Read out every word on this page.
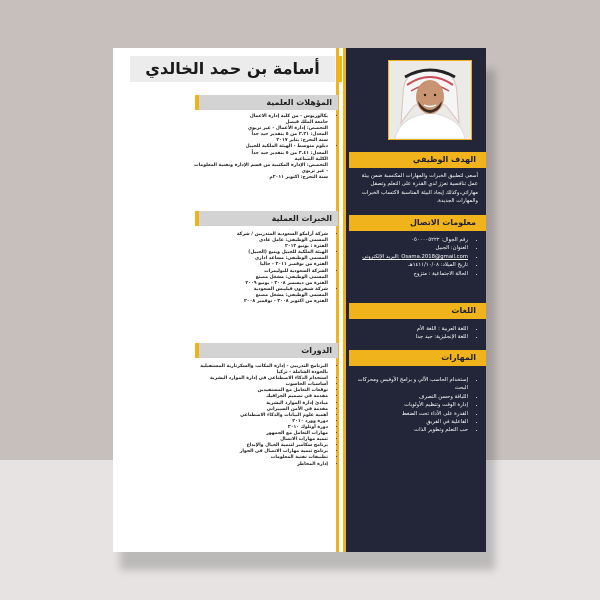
الهدف الوظيفي

أسعى لتطبيق الخبرات والمهارات المكتسبة ضمن بيئة عمل تنافسية تعزز لدي القدرة على التعلم وتصقل مهاراتي،وكذلك إيجاد البيئة المناسبة لاكتساب الخبرات والمهارات الجديدة.

معلومات الاتصال
• رقم الجوال: ٠٥٠٠٠٠٥٢٢٢
• العنوان: الجبيل
• Osama.2018@gmail.com :البريد الإلكتروني
• تاريخ الميلاد: ١٤١١/١٠/٠٨هـ
• الحالة الاجتماعية : متزوج
اللغات
• اللغة العربية : اللغة الأم
• اللغة الإنجليزية: جيد جدا
المهارات
• إستخدام الحاسب الآلي و برامج الأوفيس ومحركات البحث
• اللباقة وحسن التصرف
• إدارة الوقت وتنظيم الأولويات
• القدرة على الأداء تحت الضغط
• الفاعلية في الفريق
• حب التعلم وتطوير الذات
أسامة بن حمد الخالدي
المؤهلات العلمية
• بكالوريوس - من كلية إدارة الاعمال
جامعة الملك فيصل
التخصص: إدارة الأعمال - غير تربوي
المعدل: ٣.٢١ من ٥ بتقدير جيد جداً
سنة التخرج: يناير ٢٠١٧
• دبلوم متوسط - الهيئة الملكية للجبيل
المعدل: ٣.٤١ من ٥ بتقدير جيد جداً
الكلية الصناعية
التخصص: الإدارة المكتبية من قسم الإدارة وتقنية المعلومات - غير تربوي
سنة التخرج: اكتوبر ٢٠١١م
الخبرات العملية
• شركة أرامكو السعودية المتدربين / شركة
المسمى الوظيفي: عامل عادي
الفترة : يونيو ٢٠١٢
• الهيئة الملكية للجبيل وينبع (الجبيل)
المسمى الوظيفي: مساعد اداري
الفترة من نوفمبر ٢٠١١ - حاليا
• الشركة السعودية للبوليمرات
المسمى الوظيفي: مشغل مصنع
الفترة من ديسمبر ٢٠٠٨ - يونيو ٢٠٠٩
• شركة شيفرون فيليبس السعودية
المسمى الوظيفي: مشغل مصنع
الفترة من اكتوبر ٢٠٠٨ - نوفمبر ٢٠٠٨
الدورات
• البرنامج التدريبي - إدارة المكاتب والسكرتارية المستقبلية بالجودة الشاملة - تركيا
• استخدام الذكاء الاصطناعي في إدارة الموارد البشرية
• أساسيات الحاسوب
• توقعات التعامل مع المستفيدين
• مقدمة في تصميم الجرافيك
• مبادئ إدارة الموارد البشرية
• مقدمة في الأمن السيبراني
• أهمية علوم البيانات والذكاء الاصطناعي
• دورة وورد ٢٠١٠
• دورة أوتلوك ٢٠١٠
• مهارات التعامل مع الجمهور
• تنمية مهارات الاتصال
• برنامج سكامبر لتنمية الخيال والإبداع
• برنامج تنمية مهارات الاتصال في الحوار
• تطبيقات تقنية المعلومات
• إدارة المخاطر
